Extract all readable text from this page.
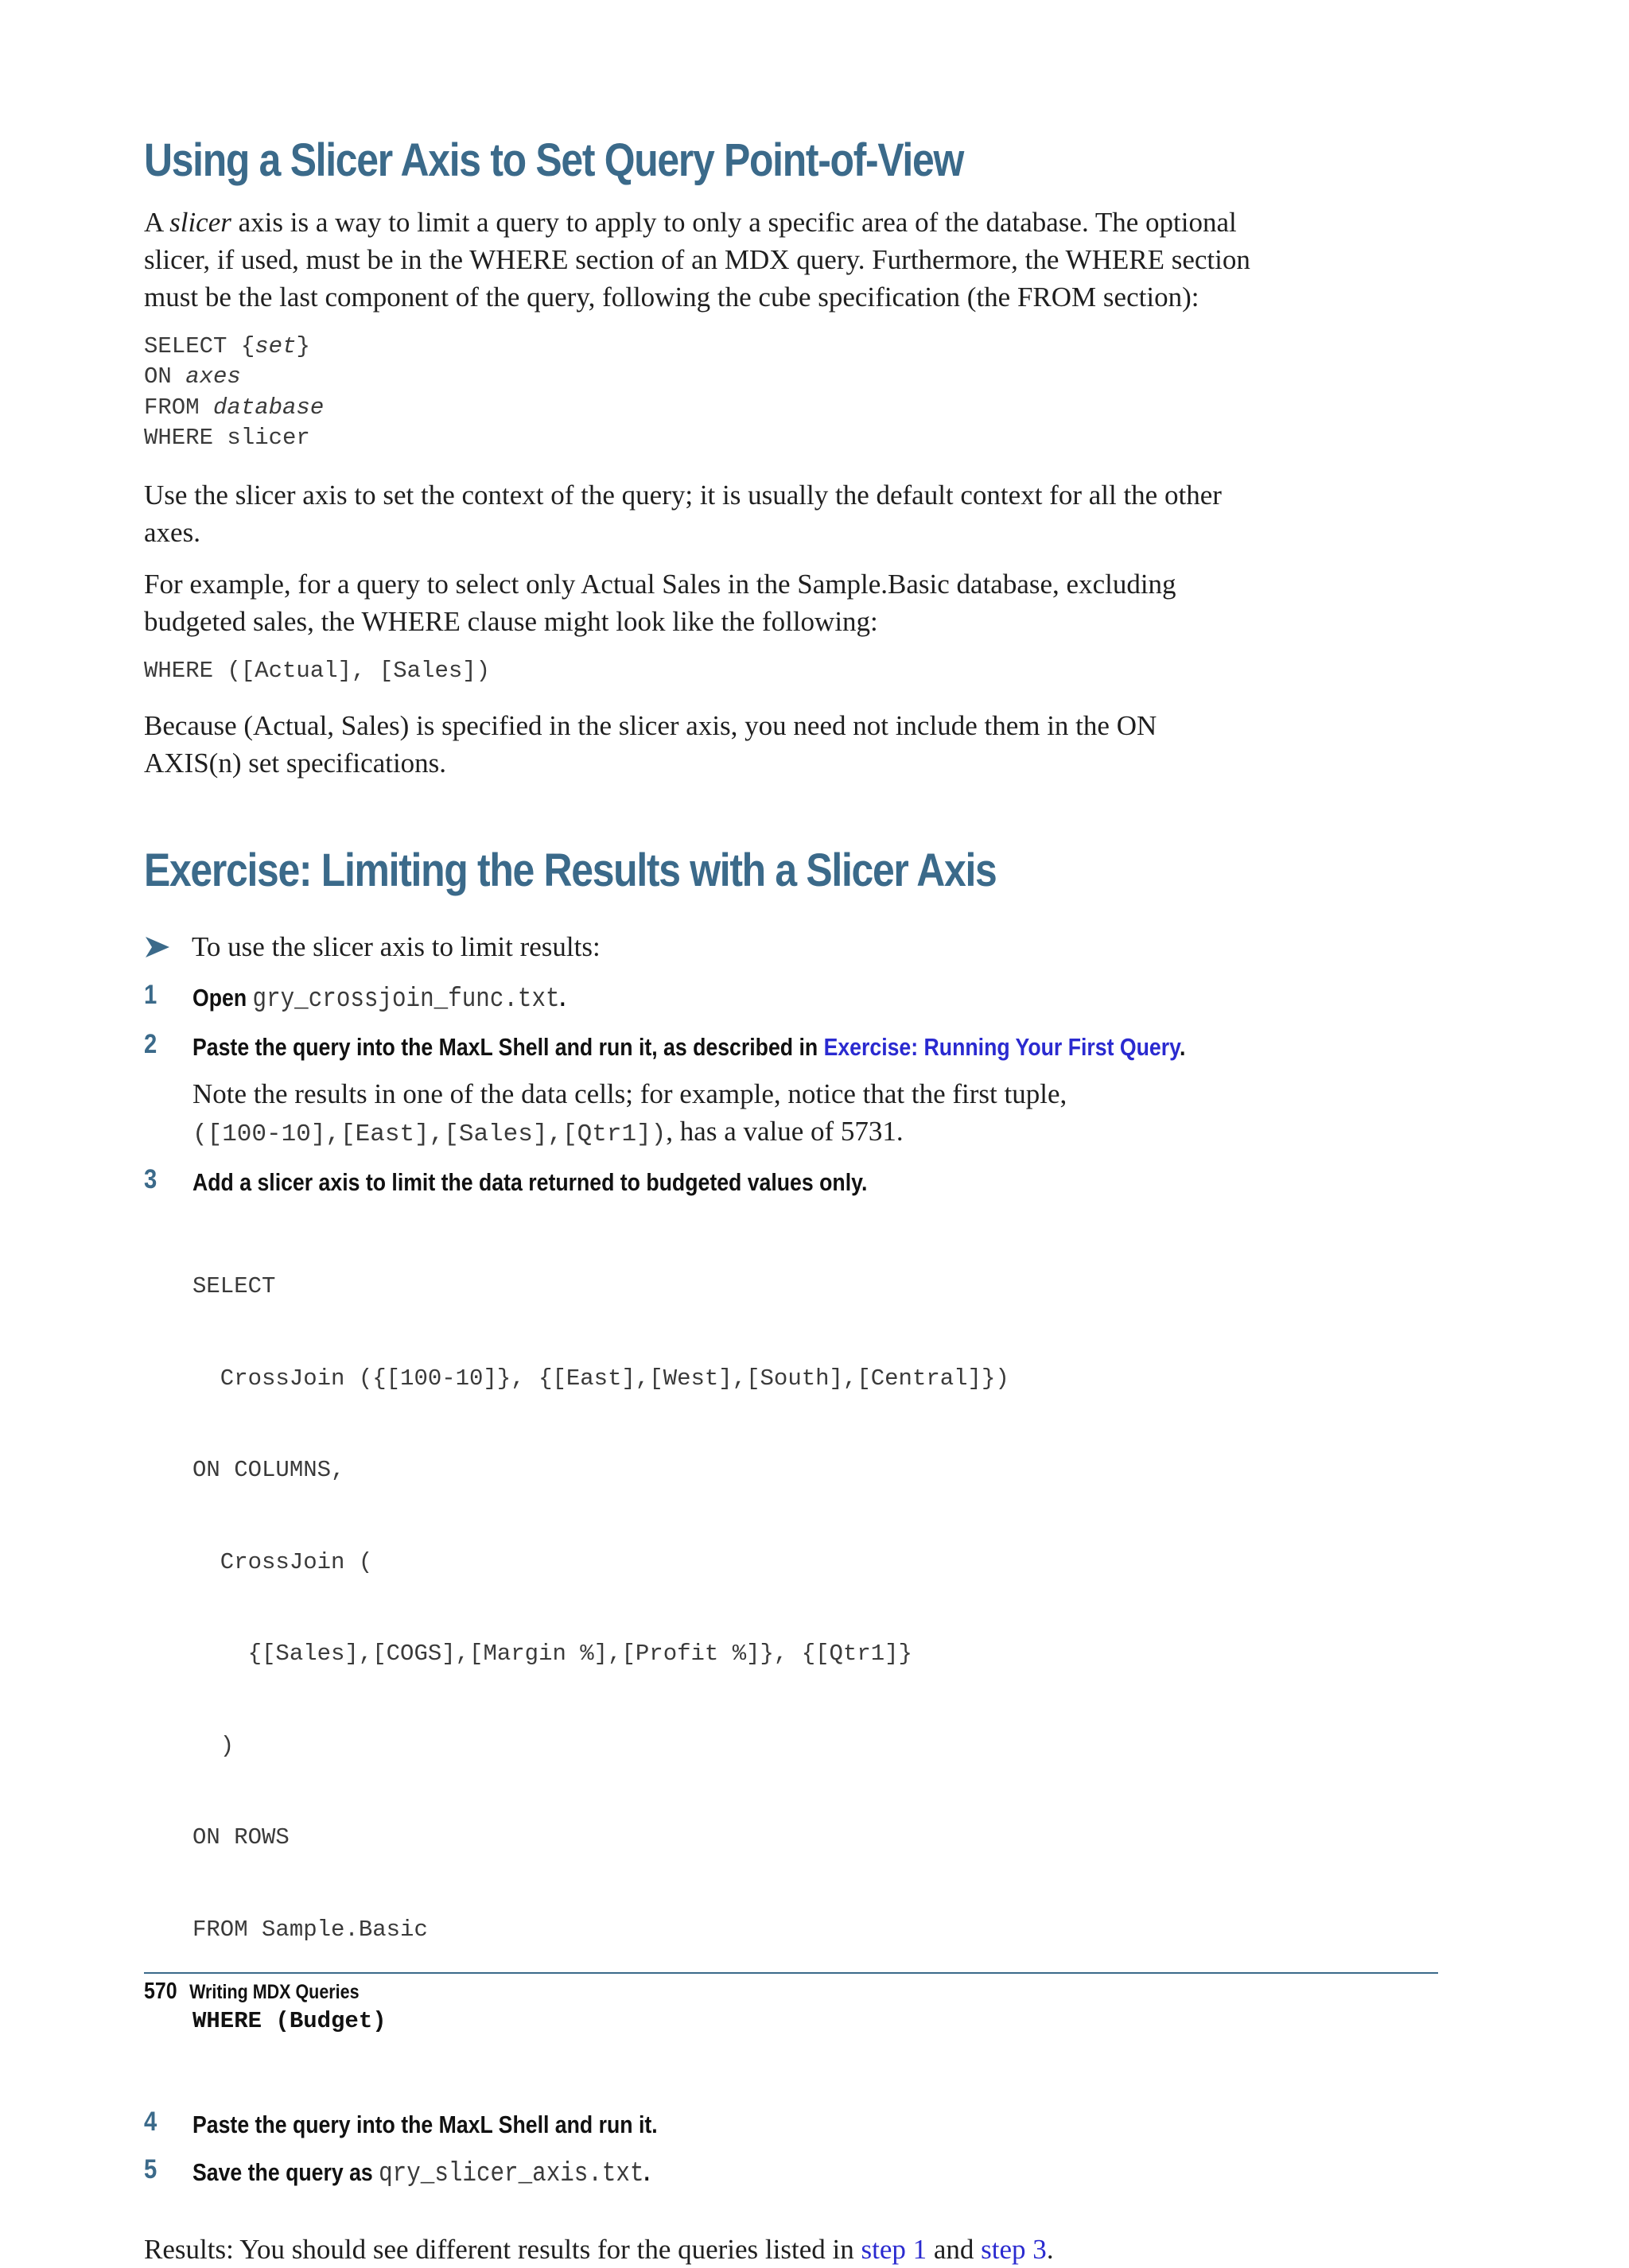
Using a Slicer Axis to Set Query Point-of-View

A slicer axis is a way to limit a query to apply to only a specific area of the database. The optional slicer, if used, must be in the WHERE section of an MDX query. Furthermore, the WHERE section must be the last component of the query, following the cube specification (the FROM section):

SELECT {set}
ON axes
FROM database
WHERE slicer

Use the slicer axis to set the context of the query; it is usually the default context for all the other axes.

For example, for a query to select only Actual Sales in the Sample.Basic database, excluding budgeted sales, the WHERE clause might look like the following:

WHERE ([Actual], [Sales])

Because (Actual, Sales) is specified in the slicer axis, you need not include them in the ON AXIS(n) set specifications.

Exercise: Limiting the Results with a Slicer Axis
To use the slicer axis to limit results:
1 Open gry_crossjoin_func.txt.
2 Paste the query into the MaxL Shell and run it, as described in Exercise: Running Your First Query.

Note the results in one of the data cells; for example, notice that the first tuple,
([100-10],[East],[Sales],[Qtr1]), has a value of 5731.

3 Add a slicer axis to limit the data returned to budgeted values only.

SELECT

CrossJoin ({[100-10]}, {[East],[West],[South],[Central]})

ON COLUMNS,

CrossJoin (

{[Sales],[COGS],[Margin %],[Profit %]}, {[Qtr1]}

)

ON ROWS

FROM Sample.Basic

WHERE (Budget)

4 Paste the query into the MaxL Shell and run it.
5 Save the query as qry_slicer_axis.txt.

Results: You should see different results for the queries listed in step 1 and step 3.

570 Writing MDX Queries
